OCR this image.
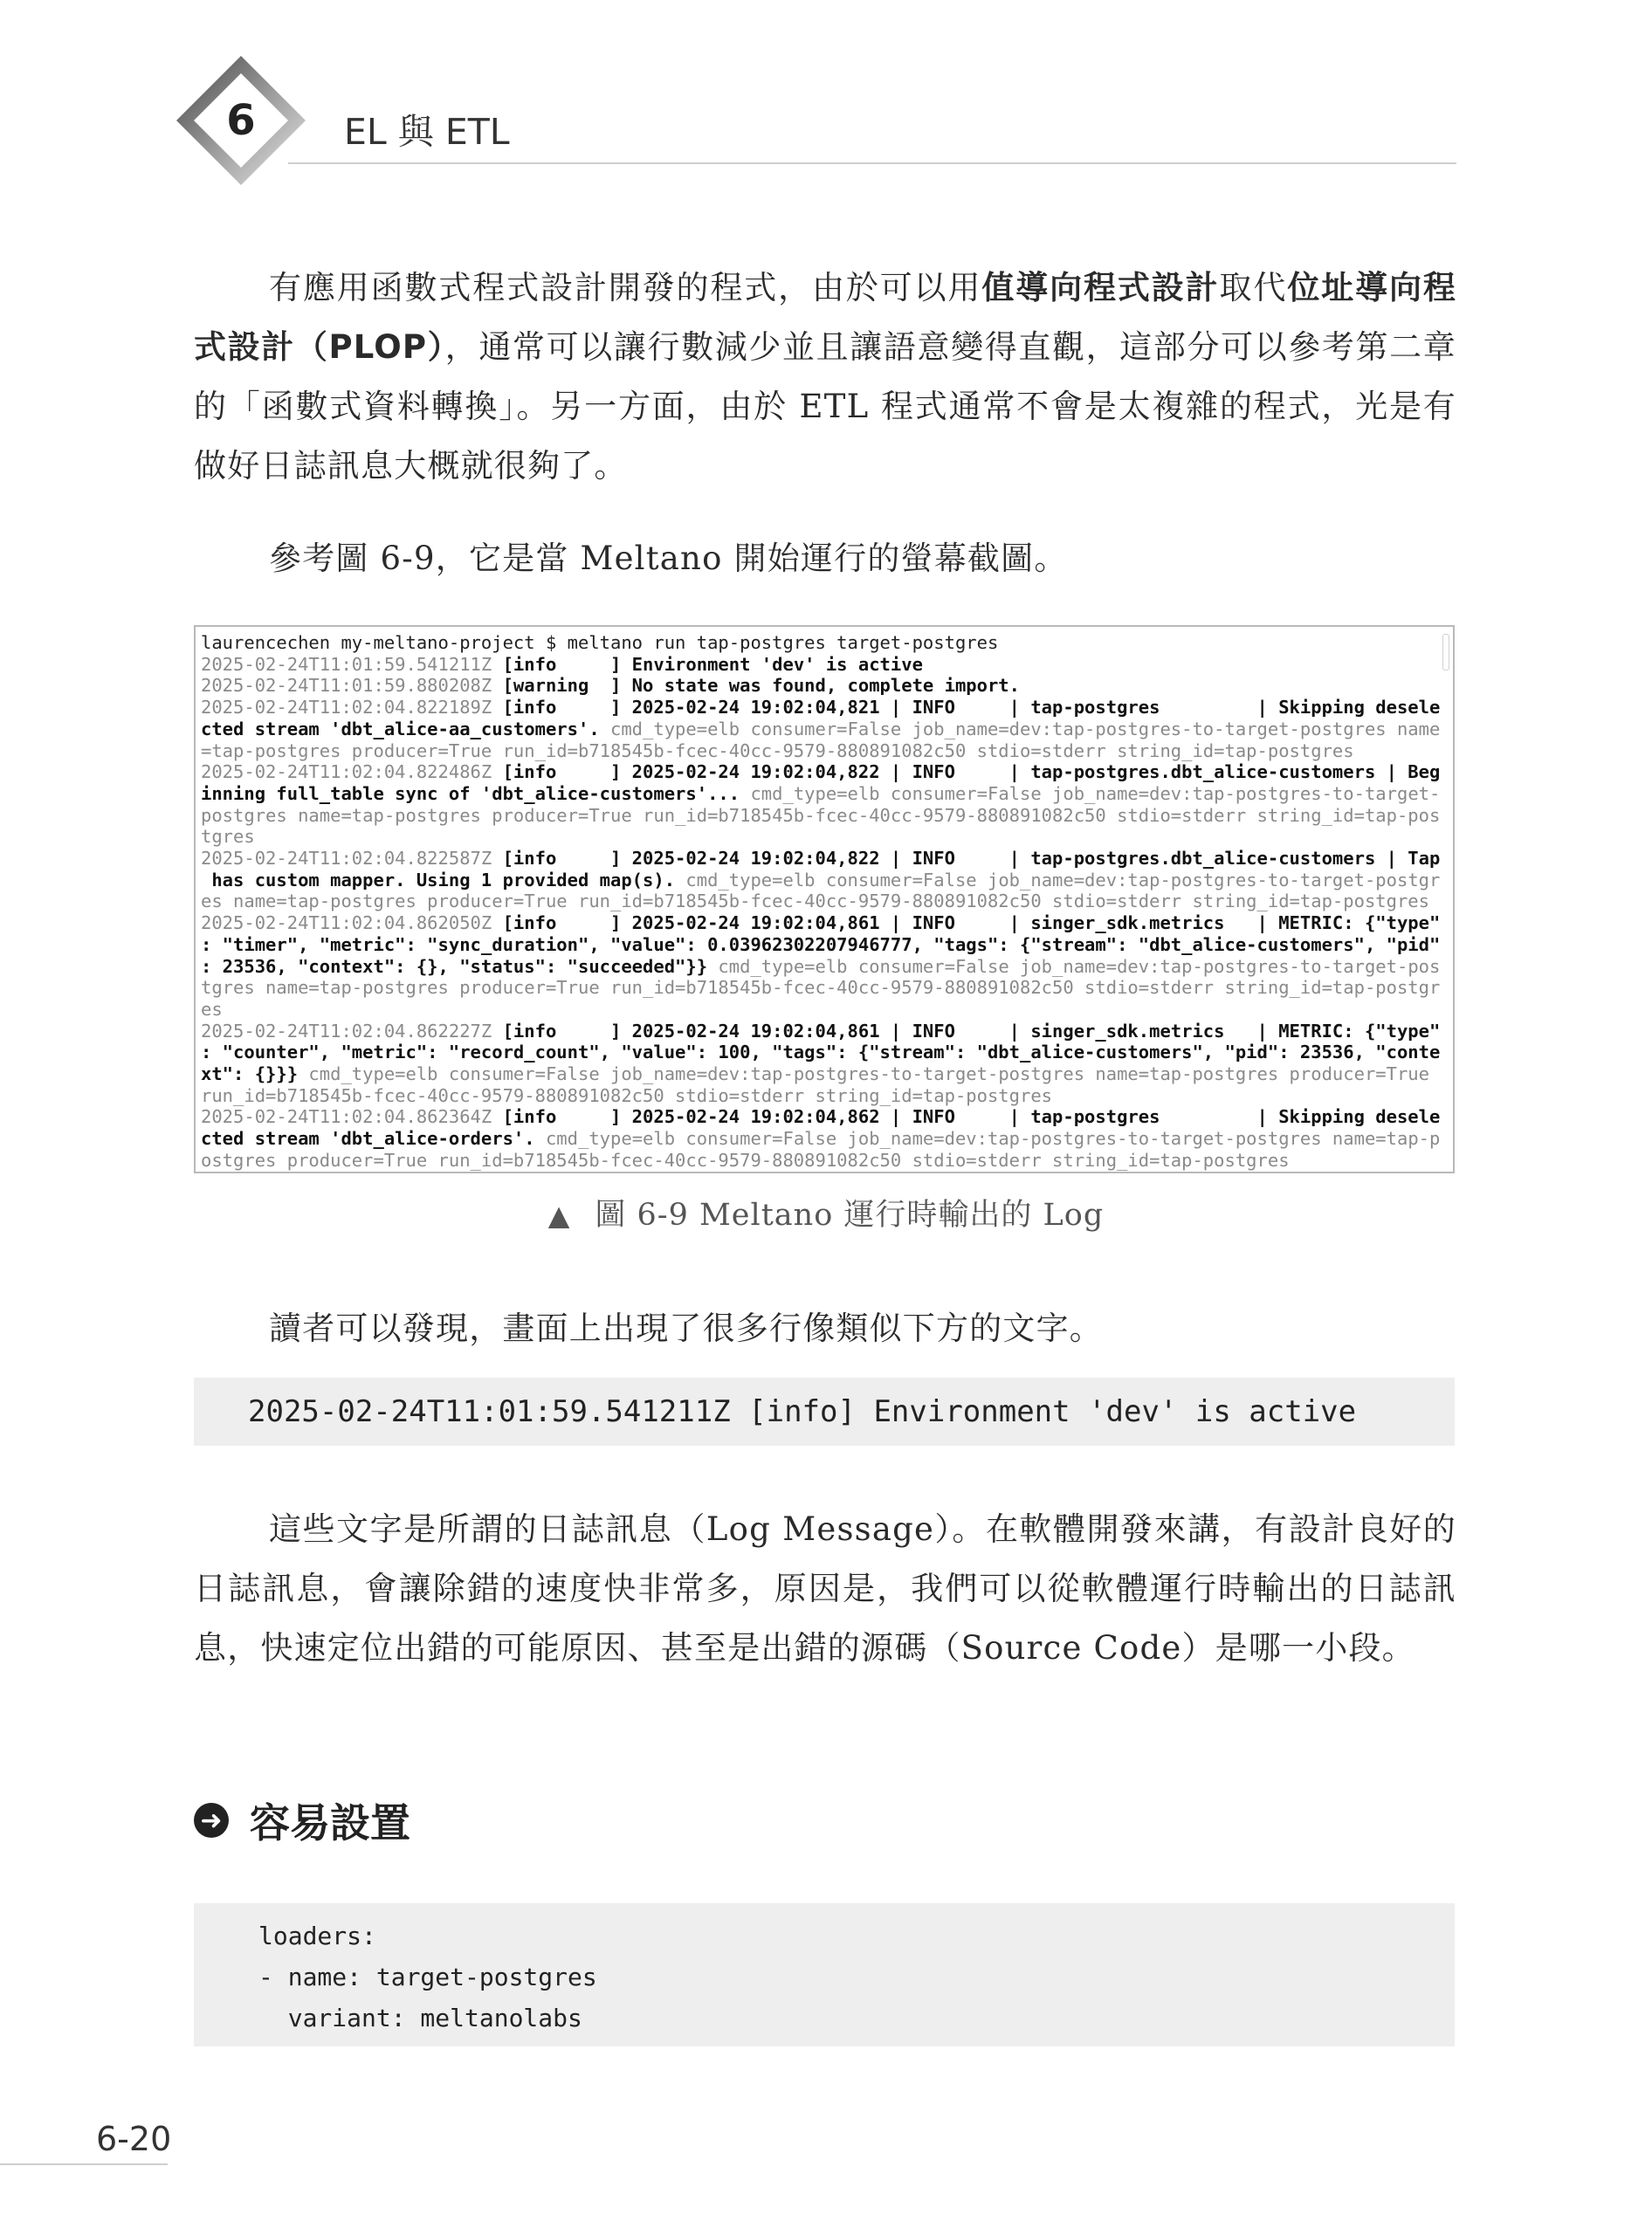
6 EL 與 ETL

有應用函數式程式設計開發的程式，由於可以用值導向程式設計取代位址導向程式設計（PLOP），通常可以讓行數減少並且讓語意變得直觀，這部分可以參考第二章的「函數式資料轉換」。另一方面，由於 ETL 程式通常不會是太複雜的程式，光是有做好日誌訊息大概就很夠了。

參考圖 6-9，它是當 Meltano 開始運行的螢幕截圖。

laurencechen my-meltano-project $ meltano run tap-postgres target-postgres
2025-02-24T11:01:59.541211Z [info     ] Environment 'dev' is active
2025-02-24T11:01:59.880208Z [warning  ] No state was found, complete import.
2025-02-24T11:02:04.822189Z [info     ] 2025-02-24 19:02:04,821 | INFO     | tap-postgres         | Skipping desele
cted stream 'dbt_alice-aa_customers'. cmd_type=elb consumer=False job_name=dev:tap-postgres-to-target-postgres name
=tap-postgres producer=True run_id=b718545b-fcec-40cc-9579-880891082c50 stdio=stderr string_id=tap-postgres
2025-02-24T11:02:04.822486Z [info     ] 2025-02-24 19:02:04,822 | INFO     | tap-postgres.dbt_alice-customers | Beg
inning full_table sync of 'dbt_alice-customers'... cmd_type=elb consumer=False job_name=dev:tap-postgres-to-target-
postgres name=tap-postgres producer=True run_id=b718545b-fcec-40cc-9579-880891082c50 stdio=stderr string_id=tap-pos
tgres
2025-02-24T11:02:04.822587Z [info     ] 2025-02-24 19:02:04,822 | INFO     | tap-postgres.dbt_alice-customers | Tap
has custom mapper. Using 1 provided map(s). cmd_type=elb consumer=False job_name=dev:tap-postgres-to-target-postgr
es name=tap-postgres producer=True run_id=b718545b-fcec-40cc-9579-880891082c50 stdio=stderr string_id=tap-postgres
2025-02-24T11:02:04.862050Z [info     ] 2025-02-24 19:02:04,861 | INFO     | singer_sdk.metrics   | METRIC: {"type"
: "timer", "metric": "sync_duration", "value": 0.03962302207946777, "tags": {"stream": "dbt_alice-customers", "pid"
: 23536, "context": {}, "status": "succeeded"}} cmd_type=elb consumer=False job_name=dev:tap-postgres-to-target-pos
tgres name=tap-postgres producer=True run_id=b718545b-fcec-40cc-9579-880891082c50 stdio=stderr string_id=tap-postgr
es
2025-02-24T11:02:04.862227Z [info     ] 2025-02-24 19:02:04,861 | INFO     | singer_sdk.metrics   | METRIC: {"type"
: "counter", "metric": "record_count", "value": 100, "tags": {"stream": "dbt_alice-customers", "pid": 23536, "conte
xt": {}}} cmd_type=elb consumer=False job_name=dev:tap-postgres-to-target-postgres name=tap-postgres producer=True
run_id=b718545b-fcec-40cc-9579-880891082c50 stdio=stderr string_id=tap-postgres
2025-02-24T11:02:04.862364Z [info     ] 2025-02-24 19:02:04,862 | INFO     | tap-postgres         | Skipping desele
cted stream 'dbt_alice-orders'. cmd_type=elb consumer=False job_name=dev:tap-postgres-to-target-postgres name=tap-p
ostgres producer=True run_id=b718545b-fcec-40cc-9579-880891082c50 stdio=stderr string_id=tap-postgres
▲ 圖 6-9 Meltano 運行時輸出的 Log

讀者可以發現，畫面上出現了很多行像類似下方的文字。

2025-02-24T11:01:59.541211Z [info] Environment 'dev' is active

這些文字是所謂的日誌訊息（Log Message）。在軟體開發來講，有設計良好的日誌訊息，會讓除錯的速度快非常多，原因是，我們可以從軟體運行時輸出的日誌訊息，快速定位出錯的可能原因、甚至是出錯的源碼（Source Code）是哪一小段。

➜ 容易設置
loaders:
- name: target-postgres
variant: meltanolabs
6-20
